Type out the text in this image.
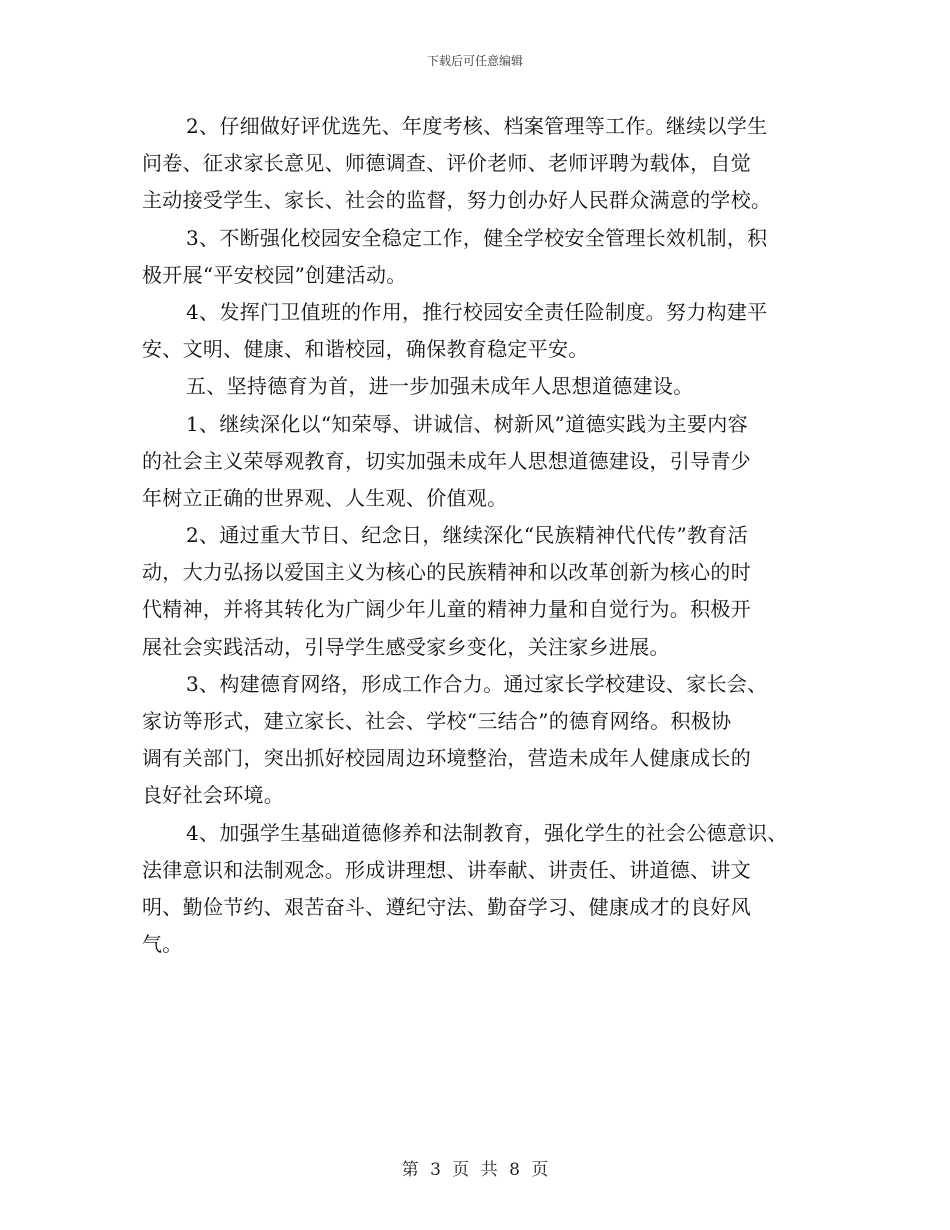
下载后可任意编辑
2、仔细做好评优选先、年度考核、档案管理等工作。继续以学生
问卷、征求家长意见、师德调查、评价老师、老师评聘为载体，自觉
主动接受学生、家长、社会的监督，努力创办好人民群众满意的学校。
3、不断强化校园安全稳定工作，健全学校安全管理长效机制，积
极开展“平安校园”创建活动。
4、发挥门卫值班的作用，推行校园安全责任险制度。努力构建平
安、文明、健康、和谐校园，确保教育稳定平安。
五、坚持德育为首，进一步加强未成年人思想道德建设。
1、继续深化以“知荣辱、讲诚信、树新风”道德实践为主要内容
的社会主义荣辱观教育，切实加强未成年人思想道德建设，引导青少
年树立正确的世界观、人生观、价值观。
2、通过重大节日、纪念日，继续深化“民族精神代代传”教育活
动，大力弘扬以爱国主义为核心的民族精神和以改革创新为核心的时
代精神，并将其转化为广阔少年儿童的精神力量和自觉行为。积极开
展社会实践活动，引导学生感受家乡变化，关注家乡进展。
3、构建德育网络，形成工作合力。通过家长学校建设、家长会、
家访等形式，建立家长、社会、学校“三结合”的德育网络。积极协
调有关部门，突出抓好校园周边环境整治，营造未成年人健康成长的
良好社会环境。
4、加强学生基础道德修养和法制教育，强化学生的社会公德意识、
法律意识和法制观念。形成讲理想、讲奉献、讲责任、讲道德、讲文
明、勤俭节约、艰苦奋斗、遵纪守法、勤奋学习、健康成才的良好风
气。
第 3 页 共 8 页
